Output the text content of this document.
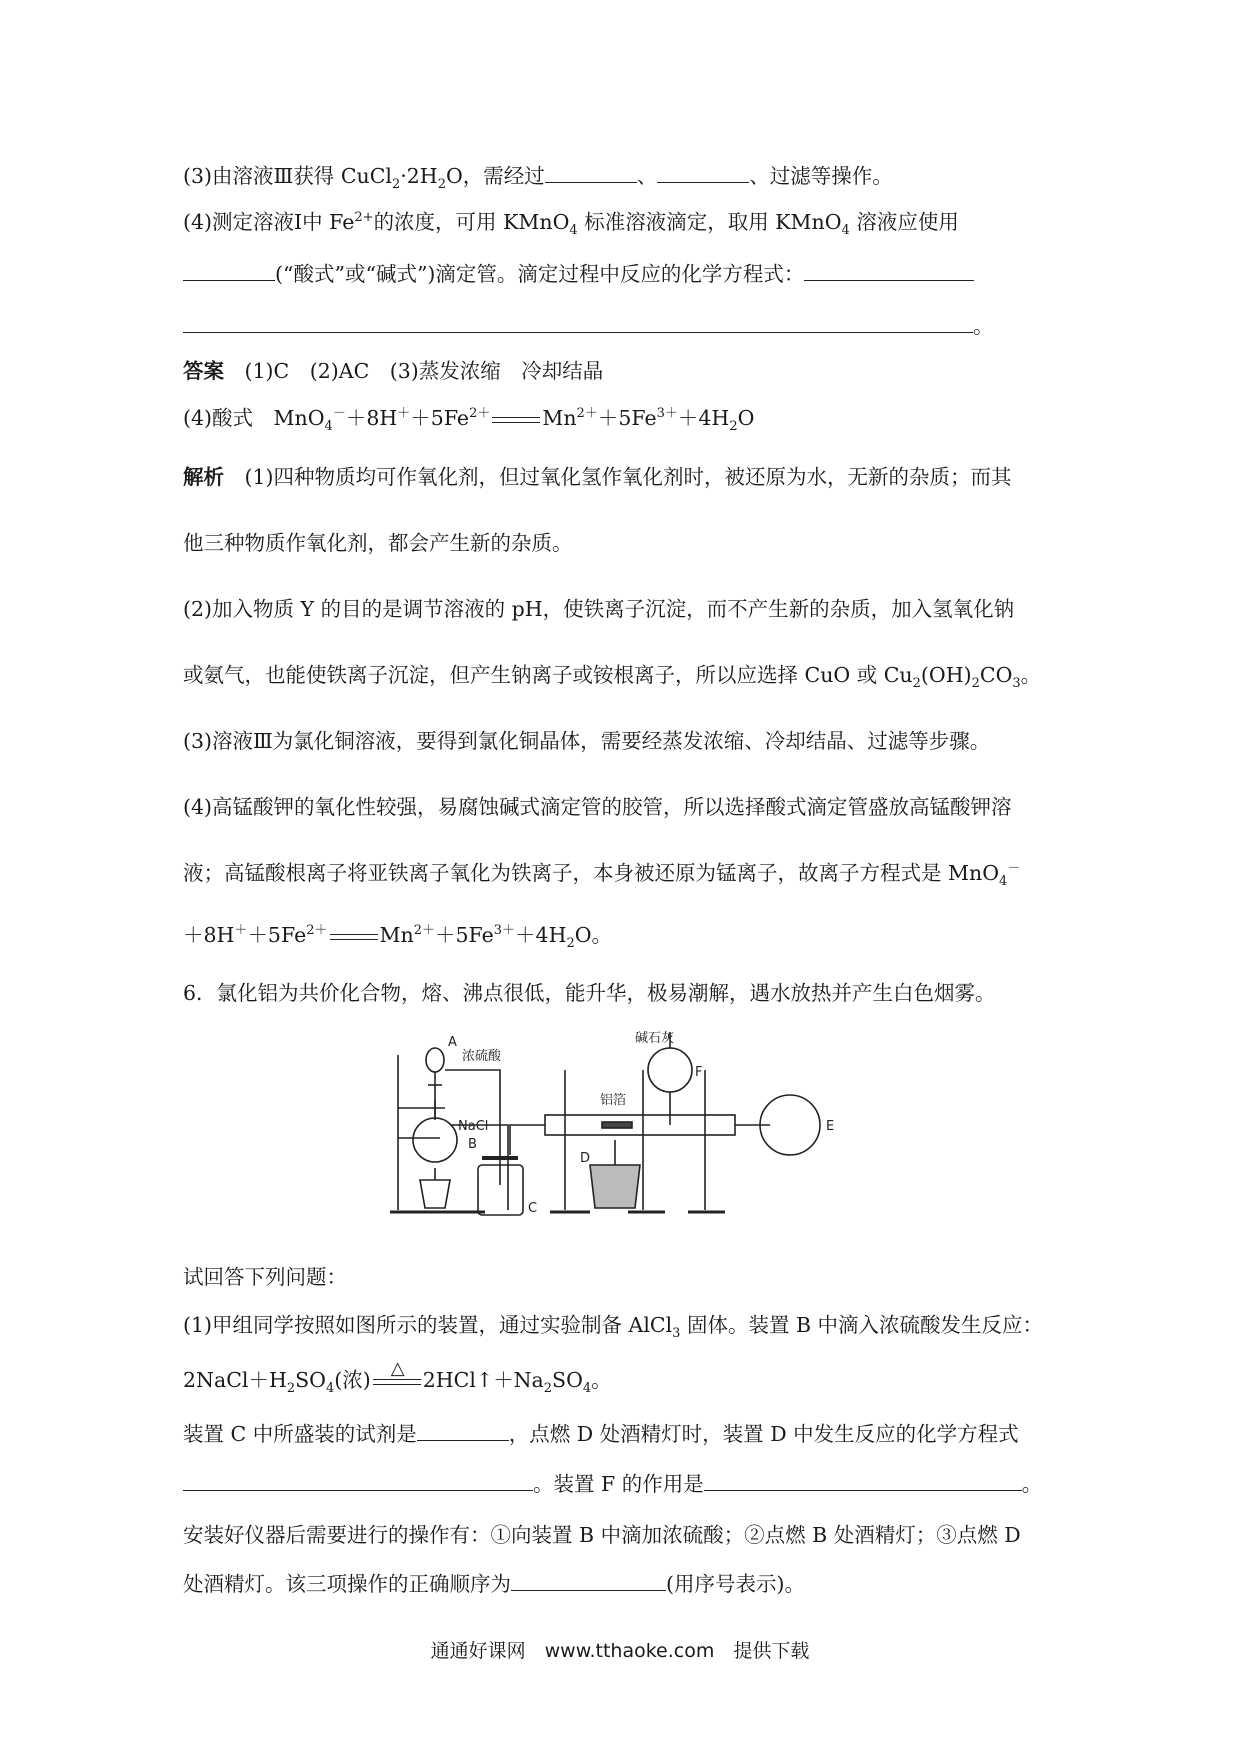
(3)由溶液Ⅲ获得 $CuCl_2\cdot 2H_2O$，需经过	、	、过滤等操作。
(4)测定溶液Ⅰ中 $Fe^{2+}$的浓度，可用 KMnO$_4$ 标准溶液滴定，取用 KMnO$_4$ 溶液应使用
(“酸式”或“碱式”)滴定管。滴定过程中反应的化学方程式：
。
答案　 (1)C　(2)AC　(3)蒸发浓缩　冷却结晶
(4)酸式　$MnO_4^-+8H^++5Fe^{2+}$	$Mn^{2+}+5Fe^{3+}+4H_2O$
解析　 (1)四种物质均可作氧化剂，但过氧化氢作氧化剂时，被还原为水，无新的杂质；而其
他三种物质作氧化剂，都会产生新的杂质。
(2)加入物质 Y 的目的是调节溶液的 pH，使铁离子沉淀，而不产生新的杂质，加入氢氧化钠
或氨气，也能使铁离子沉淀，但产生钠离子或铵根离子，所以应选择 CuO 或 $Cu_2(OH)_2CO_3$。
(3)溶液Ⅲ为氯化铜溶液，要得到氯化铜晶体，需要经蒸发浓缩、冷却结晶、过滤等步骤。
(4)高锰酸钾的氧化性较强，易腐蚀碱式滴定管的胶管，所以选择酸式滴定管盛放高锰酸钾溶
液；高锰酸根离子将亚铁离子氧化为铁离子，本身被还原为锰离子，故离子方程式是 MnO$_4$－
$+8H^++5Fe^{2+}$	$Mn^{2+}+5Fe^{3+}+4H_2O$。
6．氯化铝为共价化合物，熔、沸点很低，能升华，极易潮解，遇水放热并产生白色烟雾。
A
浓硫酸
NaCl
B
C
D
铝箔
碱石灰
F
E
试回答下列问题：
(1)甲组同学按照如图所示的装置，通过实验制备 AlCl$_3$ 固体。装置 B 中滴入浓硫酸发生反应：
$2NaCl+H_2SO_4$(浓) △ $2HCl↑+Na_2SO_4$。
装置 C 中所盛装的试剂是	，点燃 D 处酒精灯时，装置 D 中发生反应的化学方程式
。装置 F 的作用是	。
安装好仪器后需要进行的操作有：①向装置 B 中滴加浓硫酸；②点燃 B 处酒精灯；③点燃 D
处酒精灯。该三项操作的正确顺序为	(用序号表示)。
通通好课网　www.tthaoke.com　提供下载
